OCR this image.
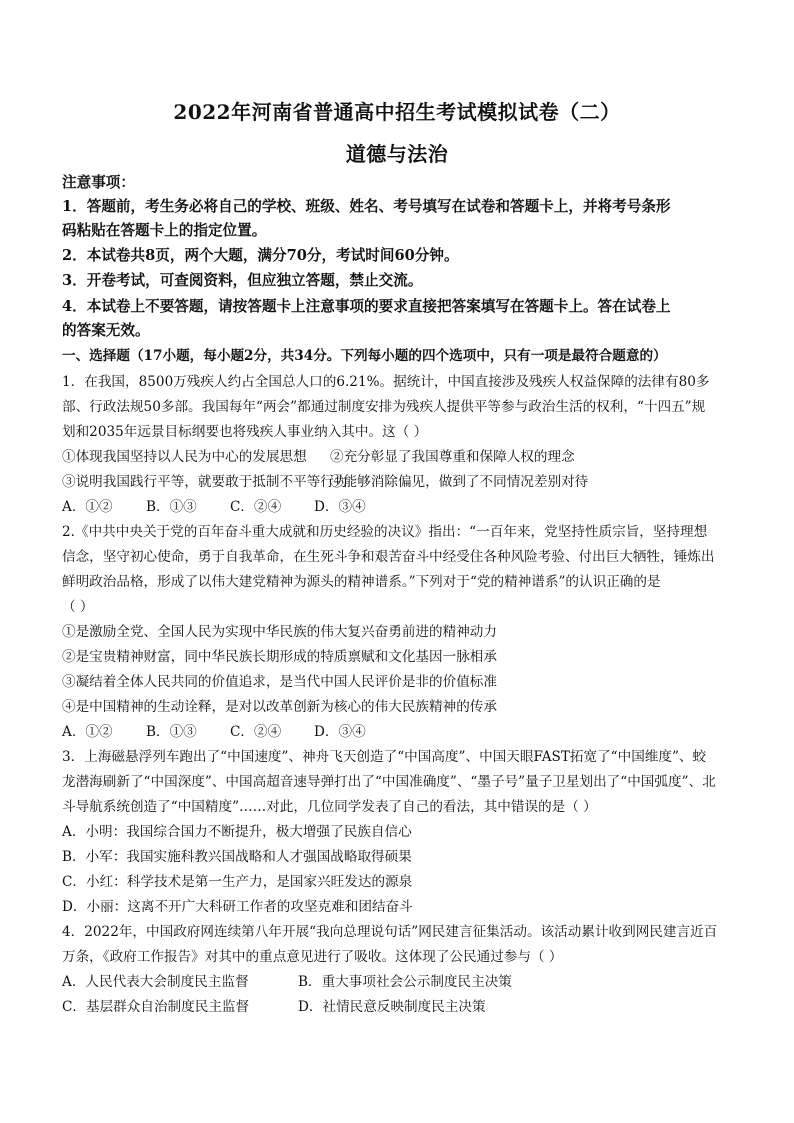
2022年河南省普通高中招生考试模拟试卷（二）
道德与法治
注意事项：
1．答题前，考生务必将自己的学校、班级、姓名、考号填写在试卷和答题卡上，并将考号条形
码粘贴在答题卡上的指定位置。
2．本试卷共8页，两个大题，满分70分，考试时间60分钟。
3．开卷考试，可查阅资料，但应独立答题，禁止交流。
4．本试卷上不要答题，请按答题卡上注意事项的要求直接把答案填写在答题卡上。答在试卷上
的答案无效。
一、选择题（17小题，每小题2分，共34分。下列每小题的四个选项中，只有一项是最符合题意的）
1．在我国，8500万残疾人约占全国总人口的6.21%。据统计，中国直接涉及残疾人权益保障的法律有80多
部、行政法规50多部。我国每年“两会”都通过制度安排为残疾人提供平等参与政治生活的权利，“十四五”规
划和2035年远景目标纲要也将残疾人事业纳入其中。这（ ）
①体现我国坚持以人民为中心的发展思想	②充分彰显了我国尊重和保障人权的理念
③说明我国践行平等，就要敢于抵制不平等行为
④能够消除偏见，做到了不同情况差别对待
A．①②	B．①③	C．②④	D．③④
2.《中共中央关于党的百年奋斗重大成就和历史经验的决议》指出：“一百年来，党坚持性质宗旨，坚持理想
信念，坚守初心使命，勇于自我革命，在生死斗争和艰苦奋斗中经受住各种风险考验、付出巨大牺牲，锤炼出
鲜明政治品格，形成了以伟大建党精神为源头的精神谱系。”下列对于“党的精神谱系”的认识正确的是
（ ）
①是激励全党、全国人民为实现中华民族的伟大复兴奋勇前进的精神动力
②是宝贵精神财富，同中华民族长期形成的特质禀赋和文化基因一脉相承
③凝结着全体人民共同的价值追求，是当代中国人民评价是非的价值标准
④是中国精神的生动诠释，是对以改革创新为核心的伟大民族精神的传承
A．①②	B．①③	C．②④	D．③④
3．上海磁悬浮列车跑出了“中国速度”、神舟飞天创造了“中国高度”、中国天眼FAST拓宽了“中国维度”、蛟
龙潜海刷新了“中国深度”、中国高超音速导弹打出了“中国准确度”、“墨子号”量子卫星划出了“中国弧度”、北
斗导航系统创造了“中国精度”……对此，几位同学发表了自己的看法，其中错误的是（ ）
A．小明：我国综合国力不断提升，极大增强了民族自信心
B．小军：我国实施科教兴国战略和人才强国战略取得硕果
C．小红：科学技术是第一生产力，是国家兴旺发达的源泉
D．小丽：这离不开广大科研工作者的攻坚克难和团结奋斗
4．2022年，中国政府网连续第八年开展“我向总理说句话”网民建言征集活动。该活动累计收到网民建言近百
万条，《政府工作报告》对其中的重点意见进行了吸收。这体现了公民通过参与（ ）
A．人民代表大会制度民主监督	B．重大事项社会公示制度民主决策
C．基层群众自治制度民主监督	D．社情民意反映制度民主决策
